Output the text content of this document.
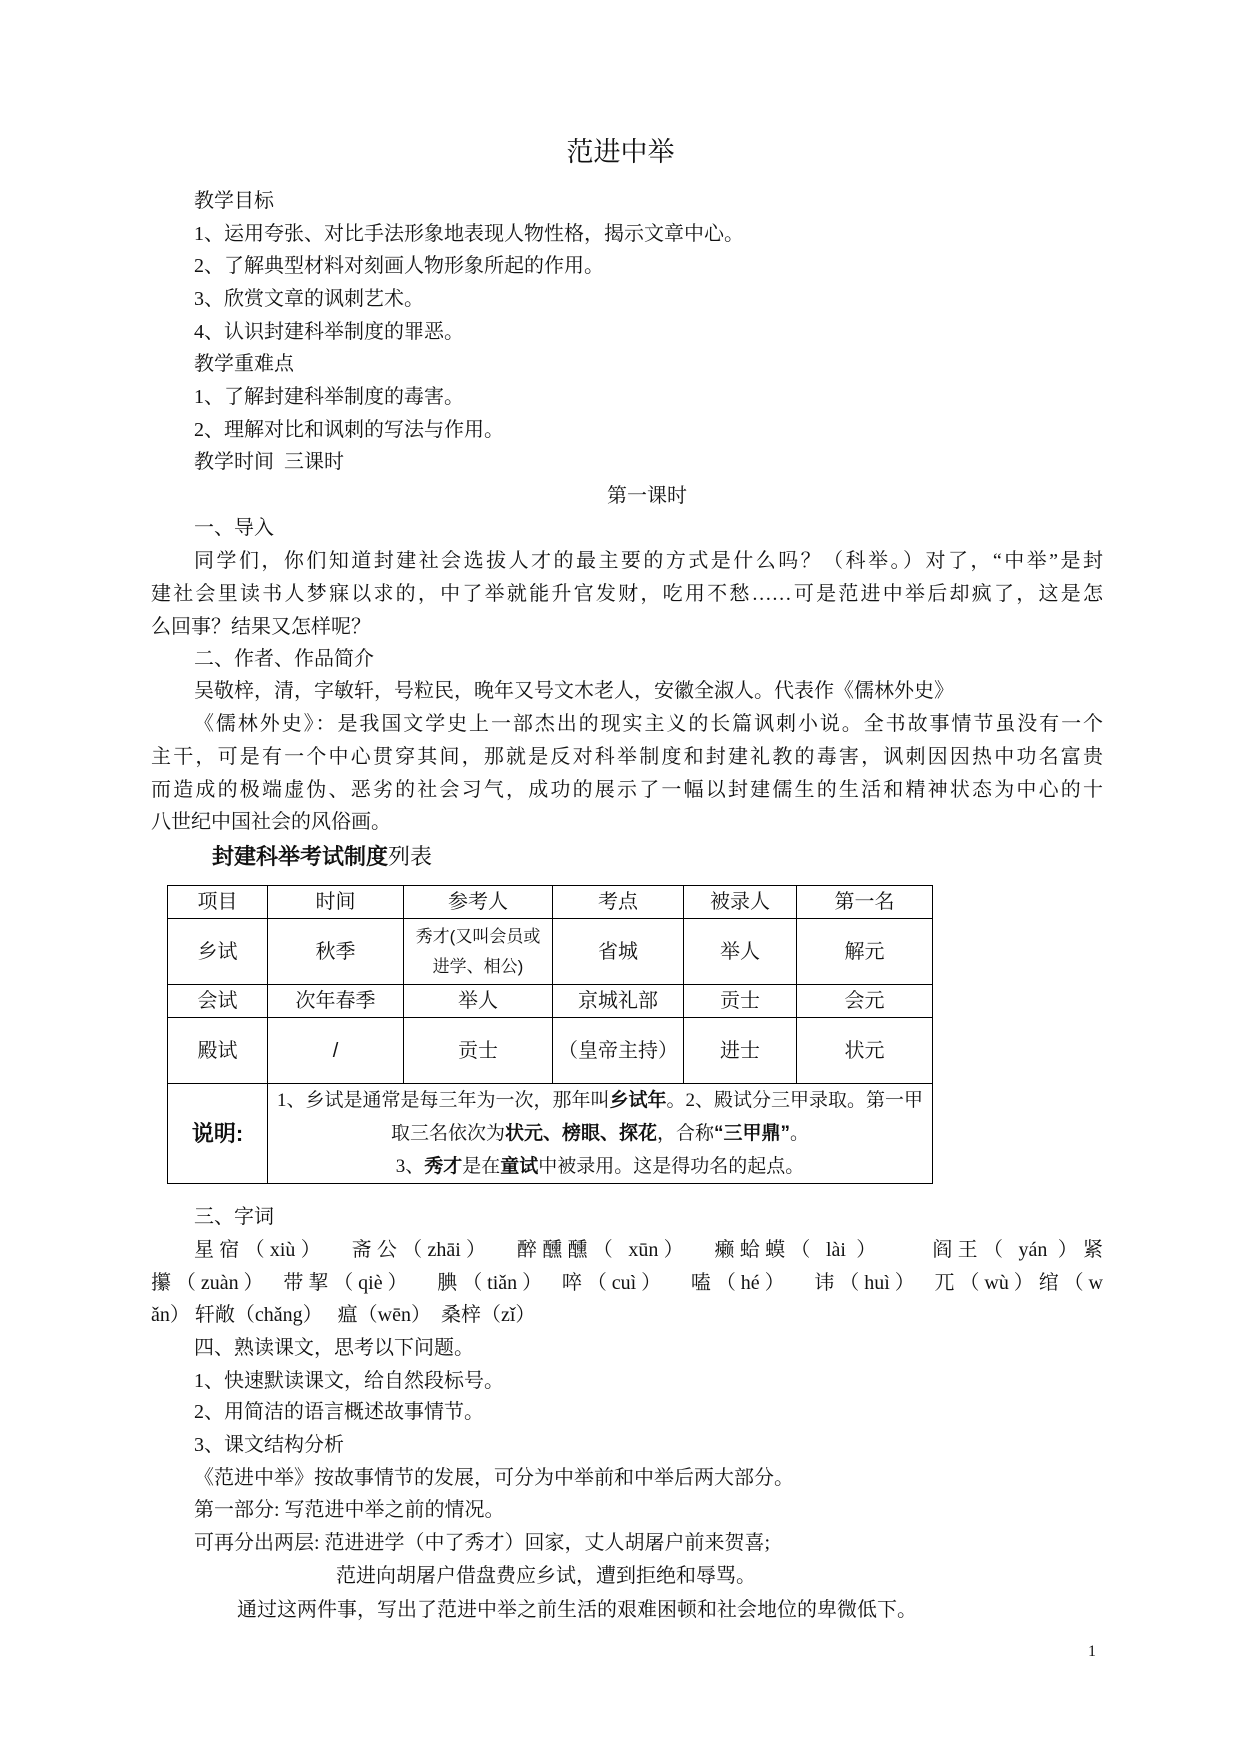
范进中举
教学目标
1、运用夸张、对比手法形象地表现人物性格，揭示文章中心。
2、了解典型材料对刻画人物形象所起的作用。
3、欣赏文章的讽刺艺术。
4、认识封建科举制度的罪恶。
教学重难点
1、了解封建科举制度的毒害。
2、理解对比和讽刺的写法与作用。
教学时间  三课时
第一课时
一、导入
同学们，你们知道封建社会选拔人才的最主要的方式是什么吗？（科举。）对了，“中举”是封
建社会里读书人梦寐以求的，中了举就能升官发财，吃用不愁……可是范进中举后却疯了，这是怎
么回事？结果又怎样呢？
二、作者、作品简介
吴敬梓，清，字敏轩，号粒民，晚年又号文木老人，安徽全淑人。代表作《儒林外史》
《儒林外史》：是我国文学史上一部杰出的现实主义的长篇讽刺小说。全书故事情节虽没有一个
主干，可是有一个中心贯穿其间，那就是反对科举制度和封建礼教的毒害，讽刺因因热中功名富贵
而造成的极端虚伪、恶劣的社会习气，成功的展示了一幅以封建儒生的生活和精神状态为中心的十
八世纪中国社会的风俗画。
封建科举考试制度列表
项目	时间	参考人	考点	被录人	第一名
乡试	秋季	秀才(又叫会员或进学、相公)	省城	举人	解元
会试	次年春季	举人	京城礼部	贡士	会元
殿试	/	贡士	（皇帝主持）	进士	状元
说明:	1、乡试是通常是每三年为一次，那年叫乡试年。2、殿试分三甲录取。第一甲取三名依次为状元、榜眼、探花，合称“三甲鼎”。
3、秀才是在童试中被录用。这是得功名的起点。				
三、字词
星宿（xiù）　 斋公（zhāi）　 醉醺醺（ xūn）　 癞蛤蟆（ lài ）　　 阎王（ yán ）紧
攥（zuàn）　带挈（qiè）　 腆（tiǎn）　啐（cuì）　 嗑（hé）　 讳（huì）　兀（wù）绾（w
ǎn） 轩敞（chǎng）　 瘟（wēn）　桑梓（zǐ）
四、熟读课文，思考以下问题。
1、快速默读课文，给自然段标号。
2、用简洁的语言概述故事情节。
3、课文结构分析
《范进中举》按故事情节的发展，可分为中举前和中举后两大部分。
第一部分: 写范进中举之前的情况。
可再分出两层: 范进进学（中了秀才）回家，丈人胡屠户前来贺喜;
范进向胡屠户借盘费应乡试，遭到拒绝和辱骂。
通过这两件事，写出了范进中举之前生活的艰难困顿和社会地位的卑微低下。
1
